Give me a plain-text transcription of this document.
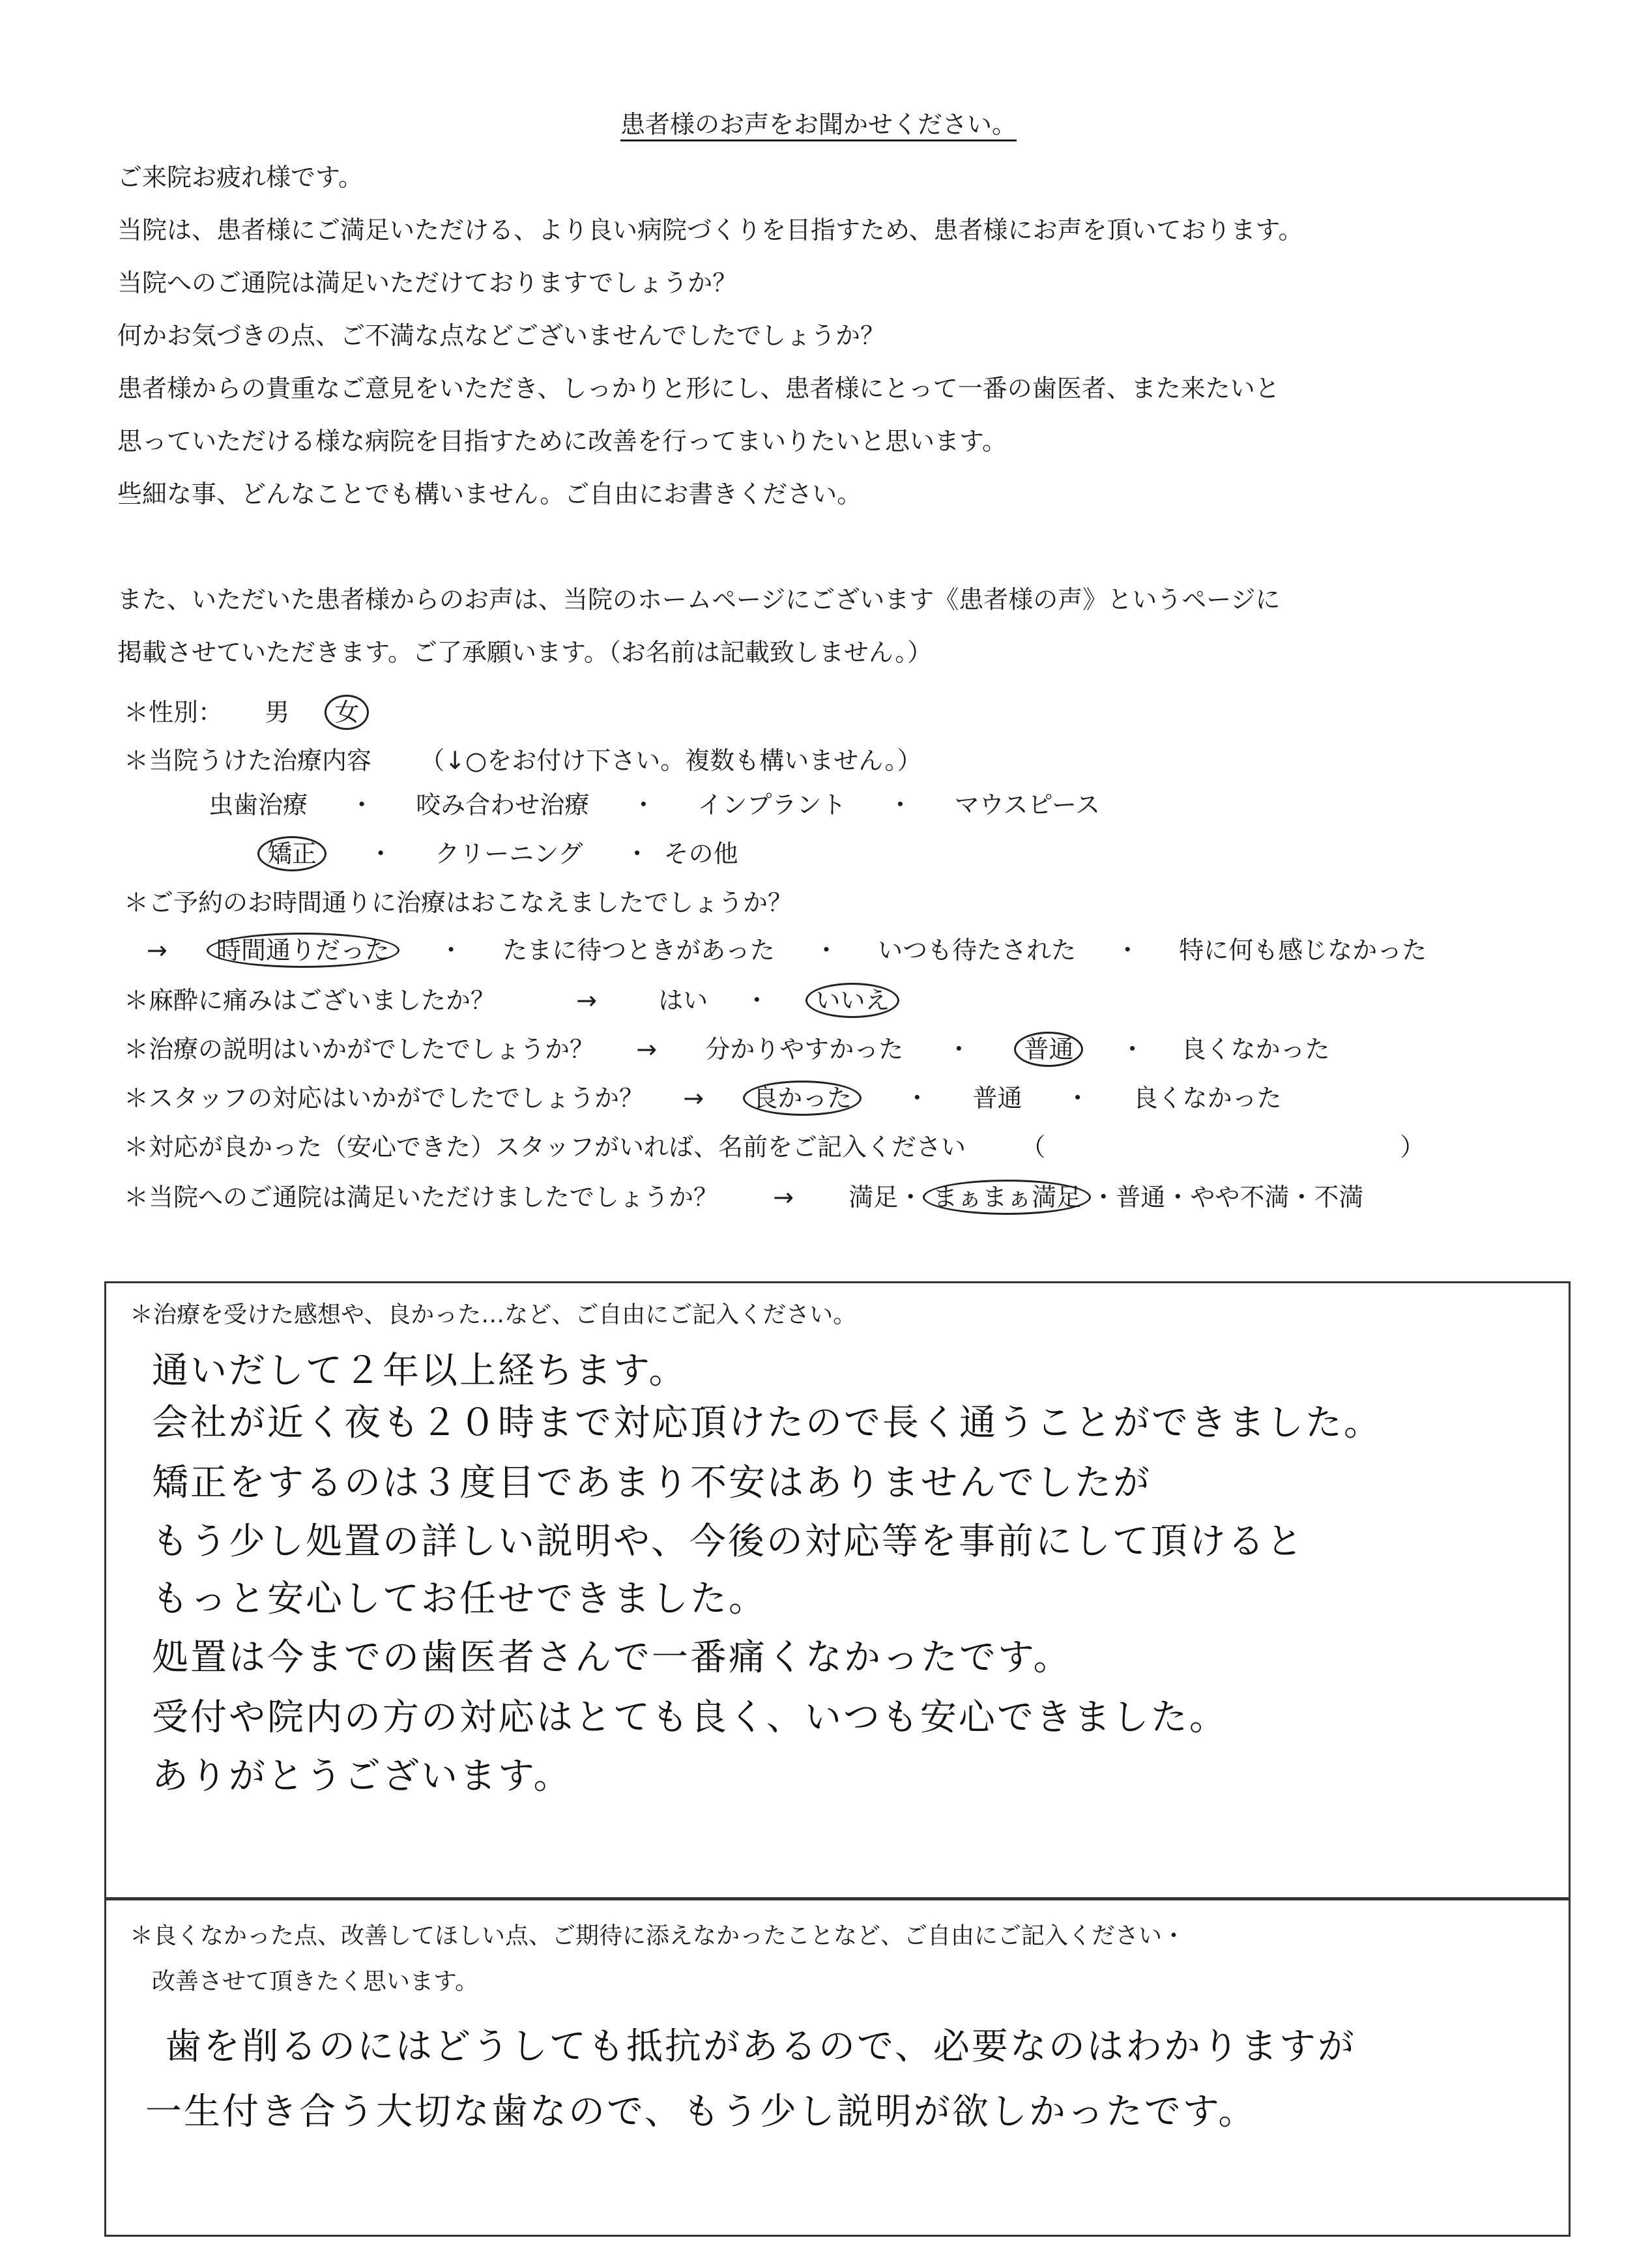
患者様のお声をお聞かせください。
ご来院お疲れ様です。
当院は、患者様にご満足いただける、より良い病院づくりを目指すため、患者様にお声を頂いております。
当院へのご通院は満足いただけておりますでしょうか？
何かお気づきの点、ご不満な点などございませんでしたでしょうか？
患者様からの貴重なご意見をいただき、しっかりと形にし、患者様にとって一番の歯医者、また来たいと
思っていただける様な病院を目指すために改善を行ってまいりたいと思います。
些細な事、どんなことでも構いません。ご自由にお書きください。
また、いただいた患者様からのお声は、当院のホームページにございます《患者様の声》というページに
掲載させていただきます。ご了承願います。（お名前は記載致しません。）
＊性別： 男 女
＊当院うけた治療内容 （↓○をお付け下さい。複数も構いません。）
虫歯治療 ・ 咬み合わせ治療 ・ インプラント ・ マウスピース
矯正 ・ クリーニング ・ その他
＊ご予約のお時間通りに治療はおこなえましたでしょうか？
→ 時間通りだった ・ たまに待つときがあった ・ いつも待たされた ・ 特に何も感じなかった
＊麻酔に痛みはございましたか？	→ はい ・ いいえ
＊治療の説明はいかがでしたでしょうか？ → 分かりやすかった ・ 普通 ・ 良くなかった
＊スタッフの対応はいかがでしたでしょうか？ → 良かった ・ 普通 ・ 良くなかった
＊対応が良かった（安心できた）スタッフがいれば、名前をご記入ください （	）
＊当院へのご通院は満足いただけましたでしょうか？ → 満足・ まぁまぁ満足 ・普通・やや不満・不満
＊治療を受けた感想や、良かった…など、ご自由にご記入ください。
通いだして２年以上経ちます。
会社が近く夜も２０時まで対応頂けたので長く通うことができました。
矯正をするのは３度目であまり不安はありませんでしたが
もう少し処置の詳しい説明や、今後の対応等を事前にして頂けると
もっと安心してお任せできました。
処置は今までの歯医者さんで一番痛くなかったです。
受付や院内の方の対応はとても良く、いつも安心できました。
ありがとうございます。
＊良くなかった点、改善してほしい点、ご期待に添えなかったことなど、ご自由にご記入ください・
改善させて頂きたく思います。
歯を削るのにはどうしても抵抗があるので、必要なのはわかりますが
一生付き合う大切な歯なので、もう少し説明が欲しかったです。
